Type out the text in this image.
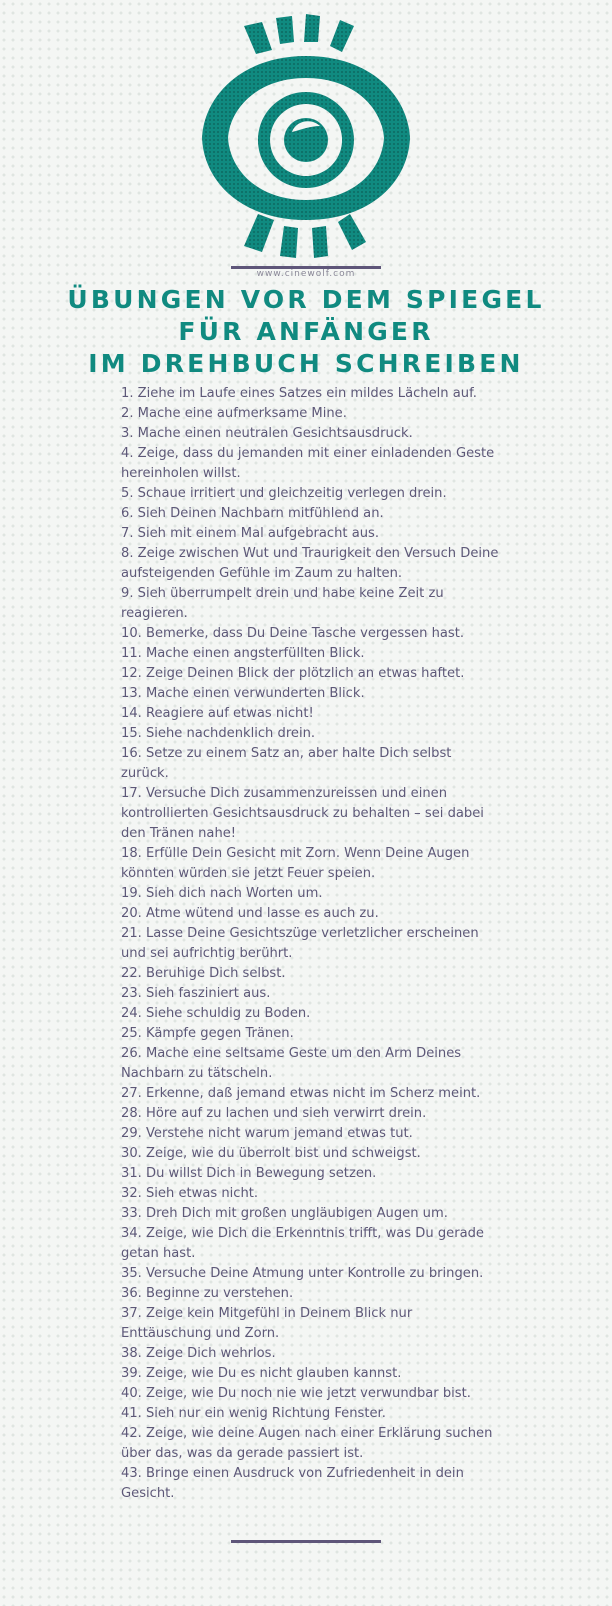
www.cinewolf.com
ÜBUNGEN VOR DEM SPIEGEL
FÜR ANFÄNGER
IM DREHBUCH SCHREIBEN
1. Ziehe im Laufe eines Satzes ein mildes Lächeln auf.
2. Mache eine aufmerksame Mine.
3. Mache einen neutralen Gesichtsausdruck.
4. Zeige, dass du jemanden mit einer einladenden Geste hereinholen willst.
5. Schaue irritiert und gleichzeitig verlegen drein.
6. Sieh Deinen Nachbarn mitfühlend an.
7. Sieh mit einem Mal aufgebracht aus.
8. Zeige zwischen Wut und Traurigkeit den Versuch Deine aufsteigenden Gefühle im Zaum zu halten.
9. Sieh überrumpelt drein und habe keine Zeit zu reagieren.
10. Bemerke, dass Du Deine Tasche vergessen hast.
11. Mache einen angsterfüllten Blick.
12. Zeige Deinen Blick der plötzlich an etwas haftet.
13. Mache einen verwunderten Blick.
14. Reagiere auf etwas nicht!
15. Siehe nachdenklich drein.
16. Setze zu einem Satz an, aber halte Dich selbst zurück.
17. Versuche Dich zusammenzureissen und einen kontrollierten Gesichtsausdruck zu behalten – sei dabei den Tränen nahe!
18. Erfülle Dein Gesicht mit Zorn. Wenn Deine Augen könnten würden sie jetzt Feuer speien.
19. Sieh dich nach Worten um.
20. Atme wütend und lasse es auch zu.
21. Lasse Deine Gesichtszüge verletzlicher erscheinen und sei aufrichtig berührt.
22. Beruhige Dich selbst.
23. Sieh fasziniert aus.
24. Siehe schuldig zu Boden.
25. Kämpfe gegen Tränen.
26. Mache eine seltsame Geste um den Arm Deines Nachbarn zu tätscheln.
27. Erkenne, daß jemand etwas nicht im Scherz meint.
28. Höre auf zu lachen und sieh verwirrt drein.
29. Verstehe nicht warum jemand etwas tut.
30. Zeige, wie du überrolt bist und schweigst.
31. Du willst Dich in Bewegung setzen.
32. Sieh etwas nicht.
33. Dreh Dich mit großen ungläubigen Augen um.
34. Zeige, wie Dich die Erkenntnis trifft, was Du gerade getan hast.
35. Versuche Deine Atmung unter Kontrolle zu bringen.
36. Beginne zu verstehen.
37. Zeige kein Mitgefühl in Deinem Blick nur Enttäuschung und Zorn.
38. Zeige Dich wehrlos.
39. Zeige, wie Du es nicht glauben kannst.
40. Zeige, wie Du noch nie wie jetzt verwundbar bist.
41. Sieh nur ein wenig Richtung Fenster.
42. Zeige, wie deine Augen nach einer Erklärung suchen über das, was da gerade passiert ist.
43. Bringe einen Ausdruck von Zufriedenheit in dein Gesicht.
